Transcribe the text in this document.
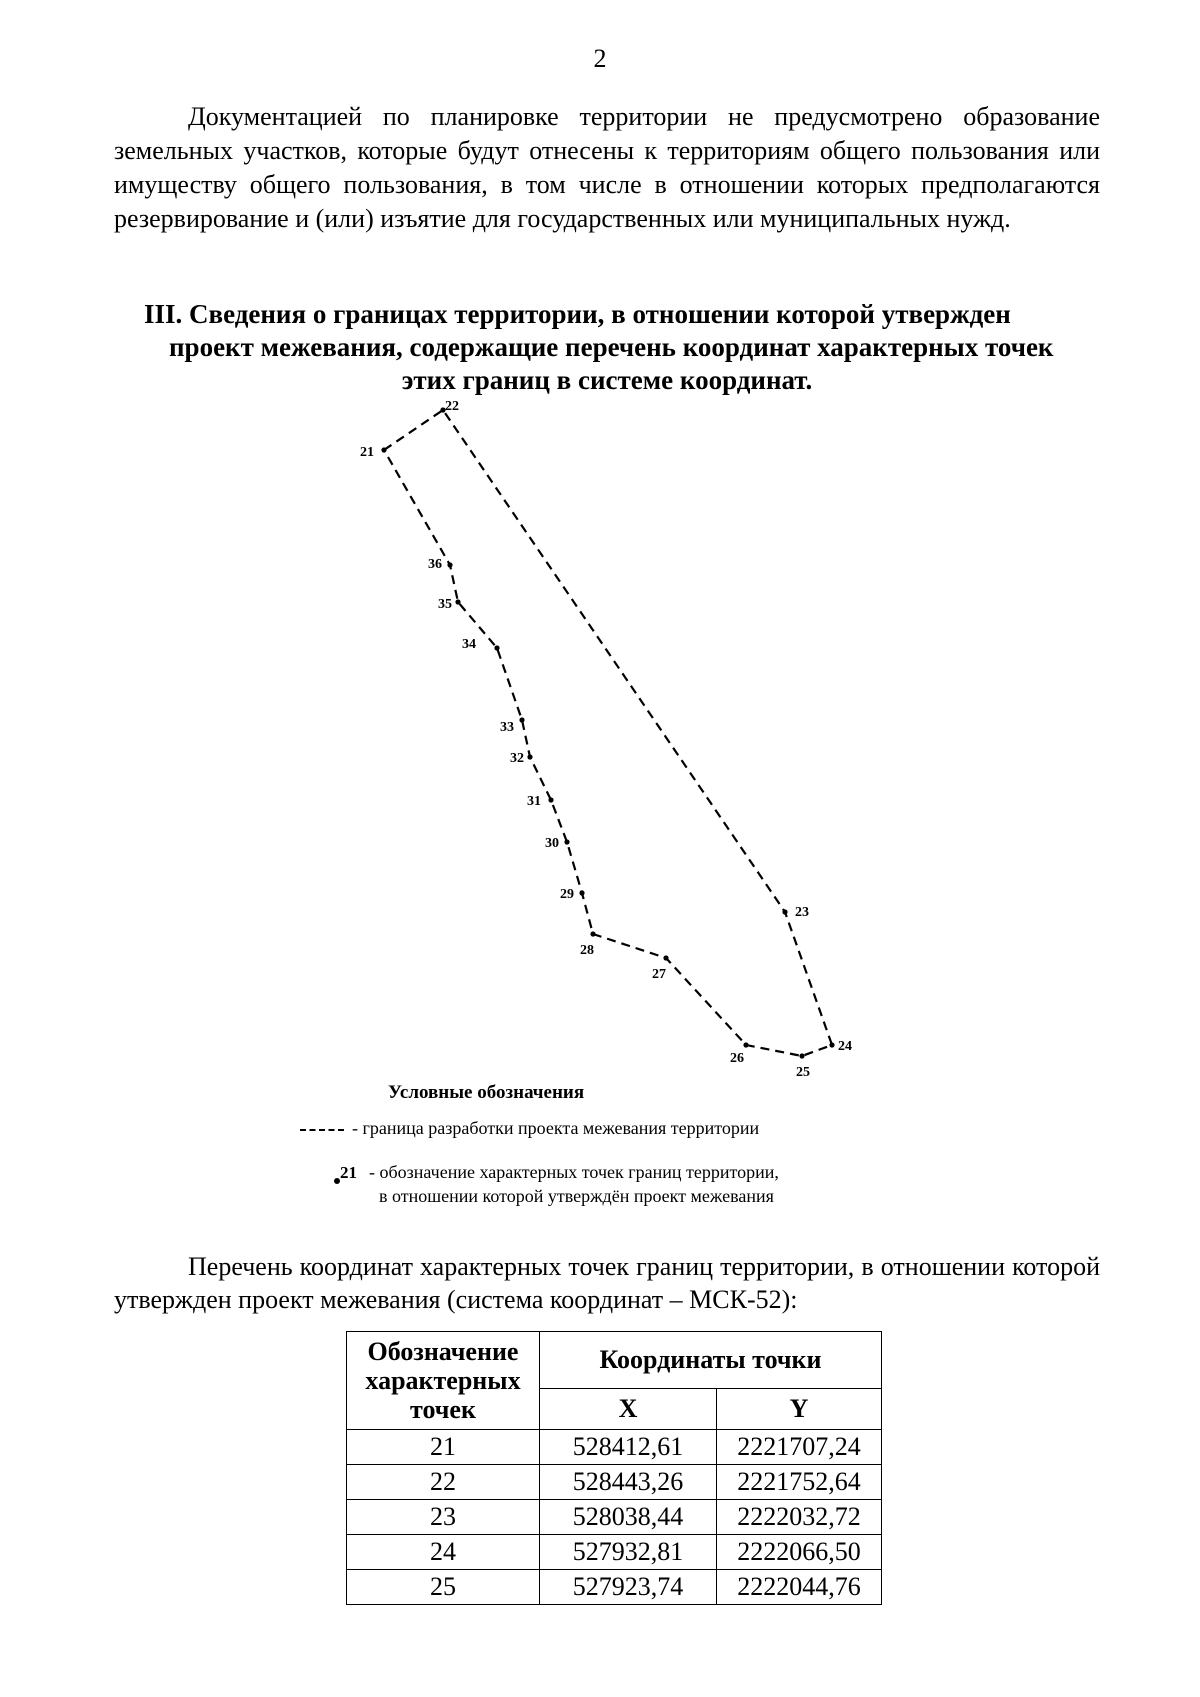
2

Документацией по планировке территории не предусмотрено образование земельных участков, которые будут отнесены к территориям общего пользования или имуществу общего пользования, в том числе в отношении которых предполагаются резервирование и (или) изъятие для государственных или муниципальных нужд.

III. Сведения о границах территории, в отношении которой утвержден
проект межевания, содержащие перечень координат характерных точек
этих границ в системе координат.
21
22
23
24
25
26
27
28
29
30
31
32
33
34
35
36
Условные обозначения
- граница разработки проекта межевания территории
21 - обозначение характерных точек границ территории,
в отношении которой утверждён проект межевания

Перечень координат характерных точек границ территории, в отношении которой утвержден проект межевания (система координат – МСК-52):

Обозначение характерных точек	Координаты точки	
	X	Y
21	528412,61	2221707,24
22	528443,26	2221752,64
23	528038,44	2222032,72
24	527932,81	2222066,50
25	527923,74	2222044,76
